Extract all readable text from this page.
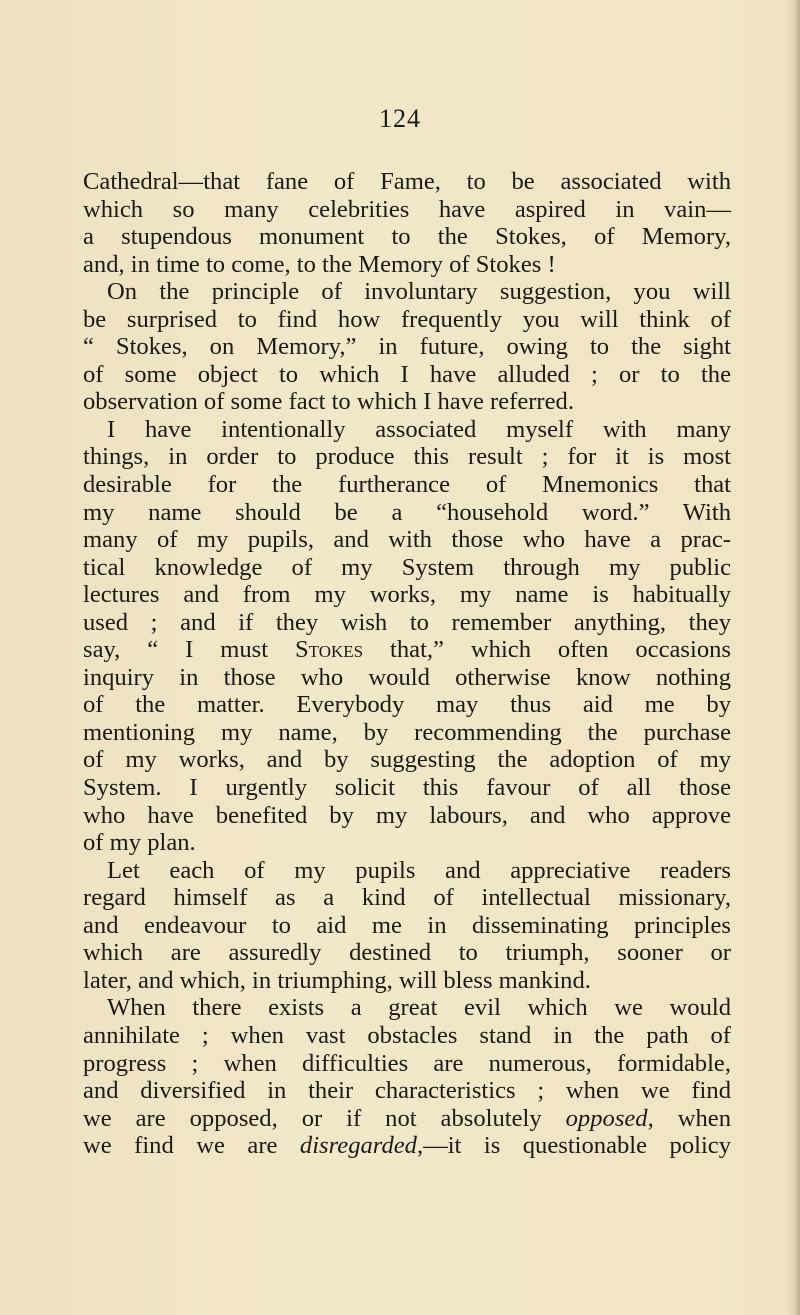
124
Cathedral—that fane of Fame, to be associated with
which so many celebrities have aspired in vain—
a stupendous monument to the Stokes, of Memory,
and, in time to come, to the Memory of Stokes !
On the principle of involuntary suggestion, you will
be surprised to find how frequently you will think of
“ Stokes, on Memory,” in future, owing to the sight
of some object to which I have alluded ; or to the
observation of some fact to which I have referred.
I have intentionally associated myself with many
things, in order to produce this result ; for it is most
desirable for the furtherance of Mnemonics that
my name should be a “household word.” With
many of my pupils, and with those who have a prac-
tical knowledge of my System through my public
lectures and from my works, my name is habitually
used ; and if they wish to remember anything, they
say, “ I must Stokes that,” which often occasions
inquiry in those who would otherwise know nothing
of the matter. Everybody may thus aid me by
mentioning my name, by recommending the purchase
of my works, and by suggesting the adoption of my
System. I urgently solicit this favour of all those
who have benefited by my labours, and who approve
of my plan.
Let each of my pupils and appreciative readers
regard himself as a kind of intellectual missionary,
and endeavour to aid me in disseminating principles
which are assuredly destined to triumph, sooner or
later, and which, in triumphing, will bless mankind.
When there exists a great evil which we would
annihilate ; when vast obstacles stand in the path of
progress ; when difficulties are numerous, formidable,
and diversified in their characteristics ; when we find
we are opposed, or if not absolutely opposed, when
we find we are disregarded,—it is questionable policy
